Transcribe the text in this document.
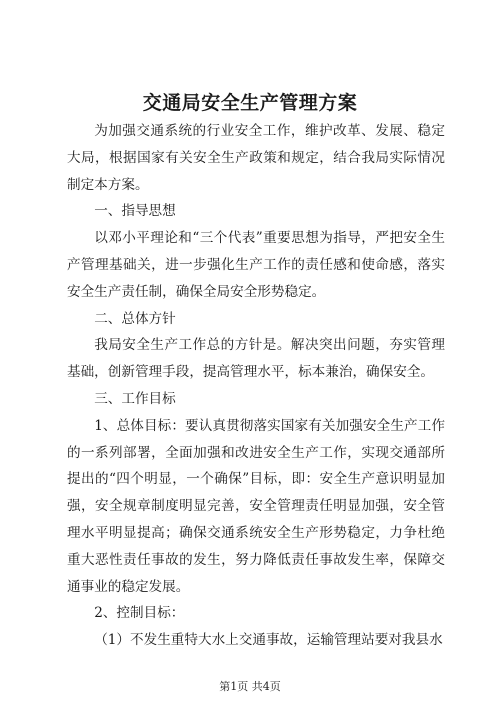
交通局安全生产管理方案

为加强交通系统的行业安全工作，维护改革、发展、稳定大局，根据国家有关安全生产政策和规定，结合我局实际情况制定本方案。

一、指导思想

以邓小平理论和“三个代表”重要思想为指导，严把安全生产管理基础关，进一步强化生产工作的责任感和使命感，落实安全生产责任制，确保全局安全形势稳定。

二、总体方针

我局安全生产工作总的方针是。解决突出问题，夯实管理基础，创新管理手段，提高管理水平，标本兼治，确保安全。

三、工作目标

1、总体目标：要认真贯彻落实国家有关加强安全生产工作的一系列部署，全面加强和改进安全生产工作，实现交通部所提出的“四个明显，一个确保”目标，即：安全生产意识明显加强，安全规章制度明显完善，安全管理责任明显加强，安全管理水平明显提高；确保交通系统安全生产形势稳定，力争杜绝重大恶性责任事故的发生，努力降低责任事故发生率，保障交通事业的稳定发展。

2、控制目标：

（1）不发生重特大水上交通事故，运输管理站要对我县水

第1页 共4页
